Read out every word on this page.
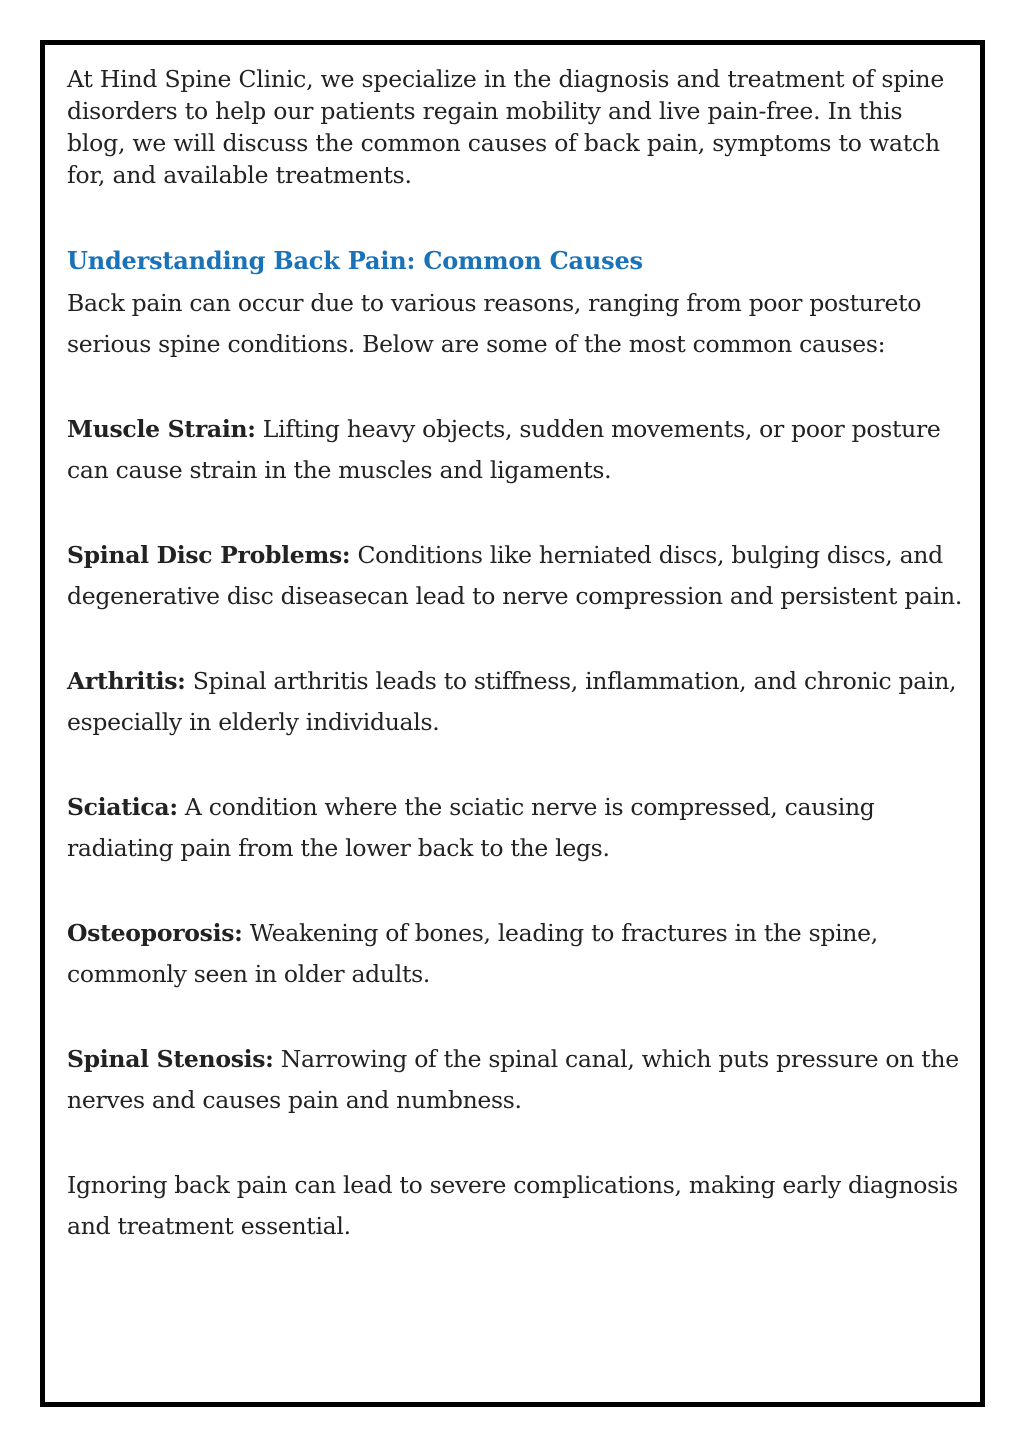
At Hind Spine Clinic, we specialize in the diagnosis and treatment of spine disorders to help our patients regain mobility and live pain-free. In this blog, we will discuss the common causes of back pain, symptoms to watch for, and available treatments.

Understanding Back Pain: Common Causes

Back pain can occur due to various reasons, ranging from poor postureto serious spine conditions. Below are some of the most common causes:

Muscle Strain: Lifting heavy objects, sudden movements, or poor posture can cause strain in the muscles and ligaments.

Spinal Disc Problems: Conditions like herniated discs, bulging discs, and degenerative disc diseasecan lead to nerve compression and persistent pain.

Arthritis: Spinal arthritis leads to stiffness, inflammation, and chronic pain, especially in elderly individuals.

Sciatica: A condition where the sciatic nerve is compressed, causing radiating pain from the lower back to the legs.

Osteoporosis: Weakening of bones, leading to fractures in the spine, commonly seen in older adults.

Spinal Stenosis: Narrowing of the spinal canal, which puts pressure on the nerves and causes pain and numbness.

Ignoring back pain can lead to severe complications, making early diagnosis and treatment essential.
